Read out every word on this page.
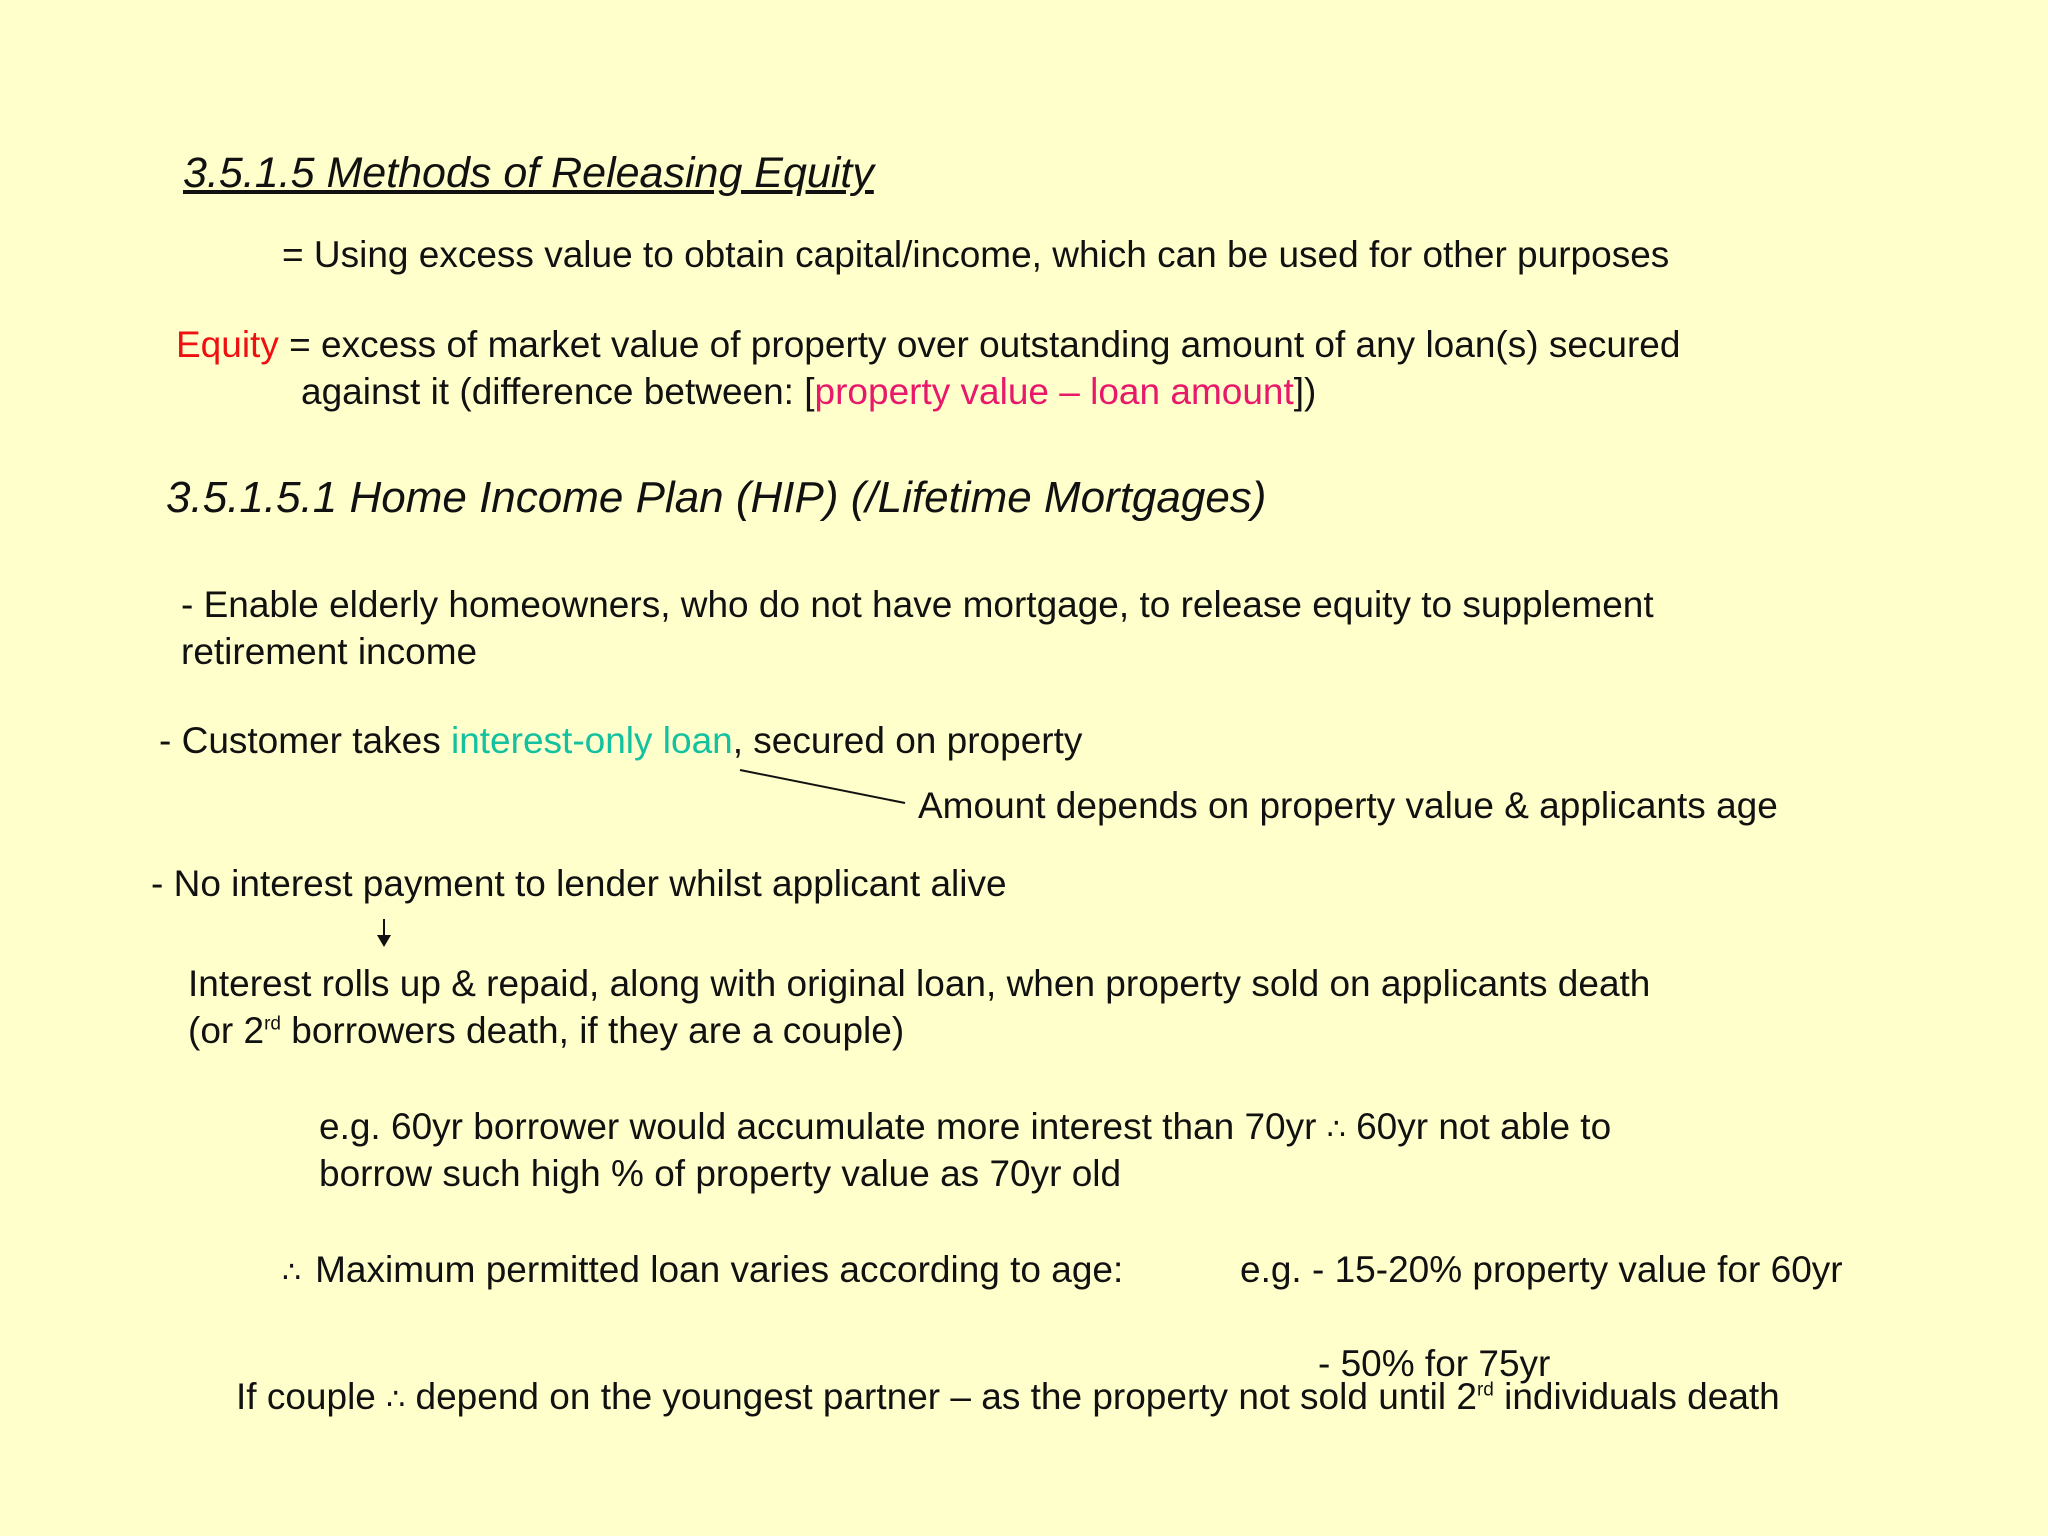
3.5.1.5 Methods of Releasing Equity
= Using excess value to obtain capital/income, which can be used for other purposes
Equity = excess of market value of property over outstanding amount of any loan(s) secured
against it (difference between: [property value – loan amount])
3.5.1.5.1 Home Income Plan (HIP) (/Lifetime Mortgages)
- Enable elderly homeowners, who do not have mortgage, to release equity to supplement
retirement income
- Customer takes interest-only loan, secured on property
Amount depends on property value & applicants age
- No interest payment to lender whilst applicant alive
Interest rolls up & repaid, along with original loan, when property sold on applicants death
(or 2rd borrowers death, if they are a couple)
e.g. 60yr borrower would accumulate more interest than 70yr ∴ 60yr not able to
borrow such high % of property value as 70yr old
∴ Maximum permitted loan varies according to age:	e.g. - 15-20% property value for 60yr
- 50% for 75yr
If couple ∴ depend on the youngest partner – as the property not sold until 2rd individuals death
